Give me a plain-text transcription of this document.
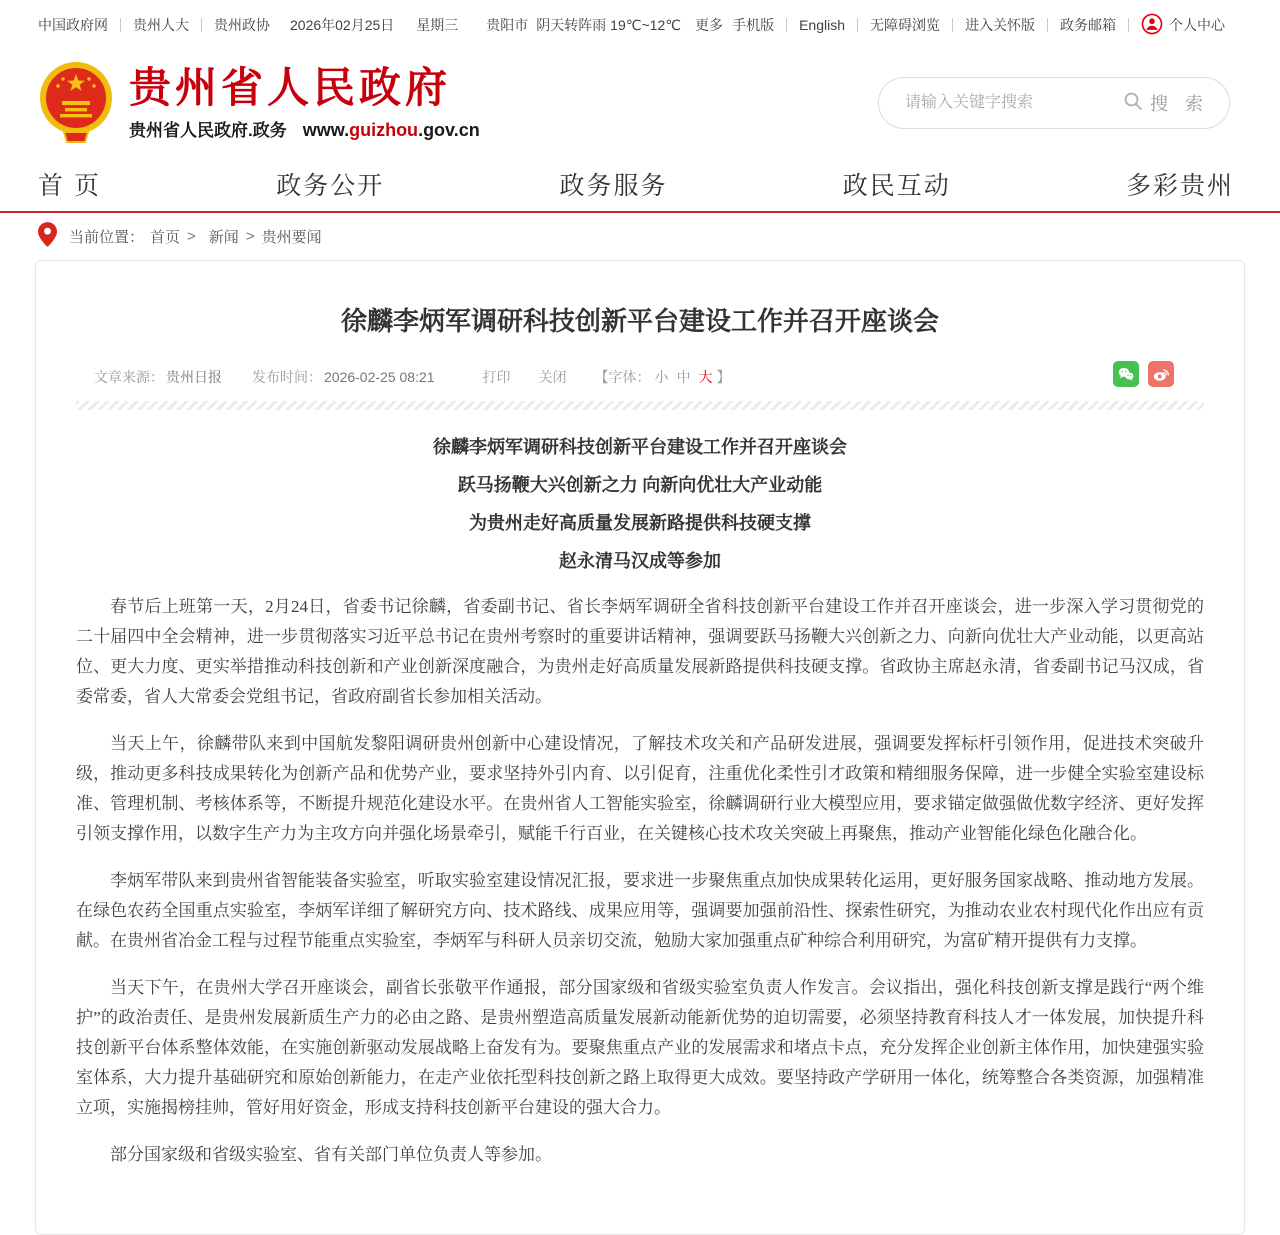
中国政府网 贵州人大 贵州政协 2026年02月25日 星期三 贵阳市 阴天转阵雨 19℃~12℃ 更多 手机版 English 无障碍浏览 进入关怀版 政务邮箱	个人中心
贵州省人民政府
贵州省人民政府.政务 www.guizhou.gov.cn
请输入关键字搜索
搜 索
首 页	政务公开	政务服务	政民互动	多彩贵州
当前位置： 首页 > 新闻 > 贵州要闻
徐麟李炳军调研科技创新平台建设工作并召开座谈会
文章来源： 贵州日报 发布时间： 2026-02-25 08:21	打印 关闭 【字体： 小 中 大 】

徐麟李炳军调研科技创新平台建设工作并召开座谈会

跃马扬鞭大兴创新之力 向新向优壮大产业动能

为贵州走好高质量发展新路提供科技硬支撑

赵永清马汉成等参加

春节后上班第一天，2月24日，省委书记徐麟，省委副书记、省长李炳军调研全省科技创新平台建设工作并召开座谈会，进一步深入学习贯彻党的二十届四中全会精神，进一步贯彻落实习近平总书记在贵州考察时的重要讲话精神，强调要跃马扬鞭大兴创新之力、向新向优壮大产业动能，以更高站位、更大力度、更实举措推动科技创新和产业创新深度融合，为贵州走好高质量发展新路提供科技硬支撑。省政协主席赵永清，省委副书记马汉成，省委常委，省人大常委会党组书记，省政府副省长参加相关活动。

当天上午，徐麟带队来到中国航发黎阳调研贵州创新中心建设情况，了解技术攻关和产品研发进展，强调要发挥标杆引领作用，促进技术突破升级，推动更多科技成果转化为创新产品和优势产业，要求坚持外引内育、以引促育，注重优化柔性引才政策和精细服务保障，进一步健全实验室建设标准、管理机制、考核体系等，不断提升规范化建设水平。在贵州省人工智能实验室，徐麟调研行业大模型应用，要求锚定做强做优数字经济、更好发挥引领支撑作用，以数字生产力为主攻方向并强化场景牵引，赋能千行百业，在关键核心技术攻关突破上再聚焦，推动产业智能化绿色化融合化。

李炳军带队来到贵州省智能装备实验室，听取实验室建设情况汇报，要求进一步聚焦重点加快成果转化运用，更好服务国家战略、推动地方发展。在绿色农药全国重点实验室，李炳军详细了解研究方向、技术路线、成果应用等，强调要加强前沿性、探索性研究，为推动农业农村现代化作出应有贡献。在贵州省冶金工程与过程节能重点实验室，李炳军与科研人员亲切交流，勉励大家加强重点矿种综合利用研究，为富矿精开提供有力支撑。

当天下午，在贵州大学召开座谈会，副省长张敬平作通报，部分国家级和省级实验室负责人作发言。会议指出，强化科技创新支撑是践行“两个维护”的政治责任、是贵州发展新质生产力的必由之路、是贵州塑造高质量发展新动能新优势的迫切需要，必须坚持教育科技人才一体发展，加快提升科技创新平台体系整体效能，在实施创新驱动发展战略上奋发有为。要聚焦重点产业的发展需求和堵点卡点，充分发挥企业创新主体作用，加快建强实验室体系，大力提升基础研究和原始创新能力，在走产业依托型科技创新之路上取得更大成效。要坚持政产学研用一体化，统筹整合各类资源，加强精准立项，实施揭榜挂帅，管好用好资金，形成支持科技创新平台建设的强大合力。

部分国家级和省级实验室、省有关部门单位负责人等参加。
